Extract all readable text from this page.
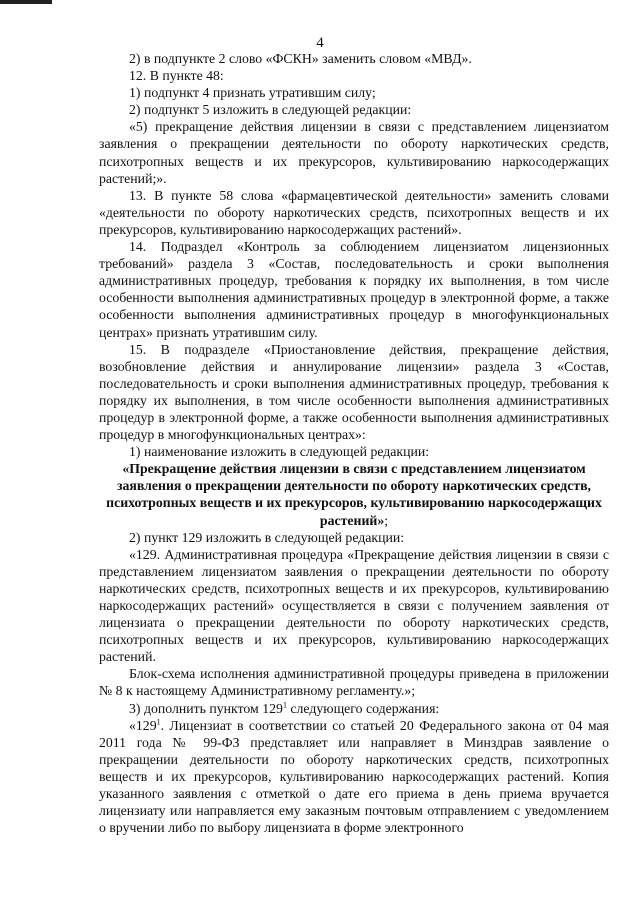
4

2) в подпункте 2 слово «ФСКН» заменить словом «МВД».

12. В пункте 48:

1) подпункт 4 признать утратившим силу;

2) подпункт 5 изложить в следующей редакции:

«5) прекращение действия лицензии в связи с представлением лицензиатом заявления о прекращении деятельности по обороту наркотических средств, психотропных веществ и их прекурсоров, культивированию наркосодержащих растений;».

13. В пункте 58 слова «фармацевтической деятельности» заменить словами «деятельности по обороту наркотических средств, психотропных веществ и их прекурсоров, культивированию наркосодержащих растений».

14. Подраздел «Контроль за соблюдением лицензиатом лицензионных требований» раздела 3 «Состав, последовательность и сроки выполнения административных процедур, требования к порядку их выполнения, в том числе особенности выполнения административных процедур в электронной форме, а также особенности выполнения административных процедур в многофункциональных центрах» признать утратившим силу.

15. В подразделе «Приостановление действия, прекращение действия, возобновление действия и аннулирование лицензии» раздела 3 «Состав, последовательность и сроки выполнения административных процедур, требования к порядку их выполнения, в том числе особенности выполнения административных процедур в электронной форме, а также особенности выполнения административных процедур в многофункциональных центрах»:

1) наименование изложить в следующей редакции:

«Прекращение действия лицензии в связи с представлением лицензиатом заявления о прекращении деятельности по обороту наркотических средств, психотропных веществ и их прекурсоров, культивированию наркосодержащих растений»;

2) пункт 129 изложить в следующей редакции:

«129. Административная процедура «Прекращение действия лицензии в связи с представлением лицензиатом заявления о прекращении деятельности по обороту наркотических средств, психотропных веществ и их прекурсоров, культивированию наркосодержащих растений» осуществляется в связи с получением заявления от лицензиата о прекращении деятельности по обороту наркотических средств, психотропных веществ и их прекурсоров, культивированию наркосодержащих растений.

Блок-схема исполнения административной процедуры приведена в приложении № 8 к настоящему Административному регламенту.»;

3) дополнить пунктом $129^1$ следующего содержания:

«$129^1$. Лицензиат в соответствии со статьей 20 Федерального закона от 04 мая 2011 года № 99-ФЗ представляет или направляет в Минздрав заявление о прекращении деятельности по обороту наркотических средств, психотропных веществ и их прекурсоров, культивированию наркосодержащих растений. Копия указанного заявления с отметкой о дате его приема в день приема вручается лицензиату или направляется ему заказным почтовым отправлением с уведомлением о вручении либо по выбору лицензиата в форме электронного
